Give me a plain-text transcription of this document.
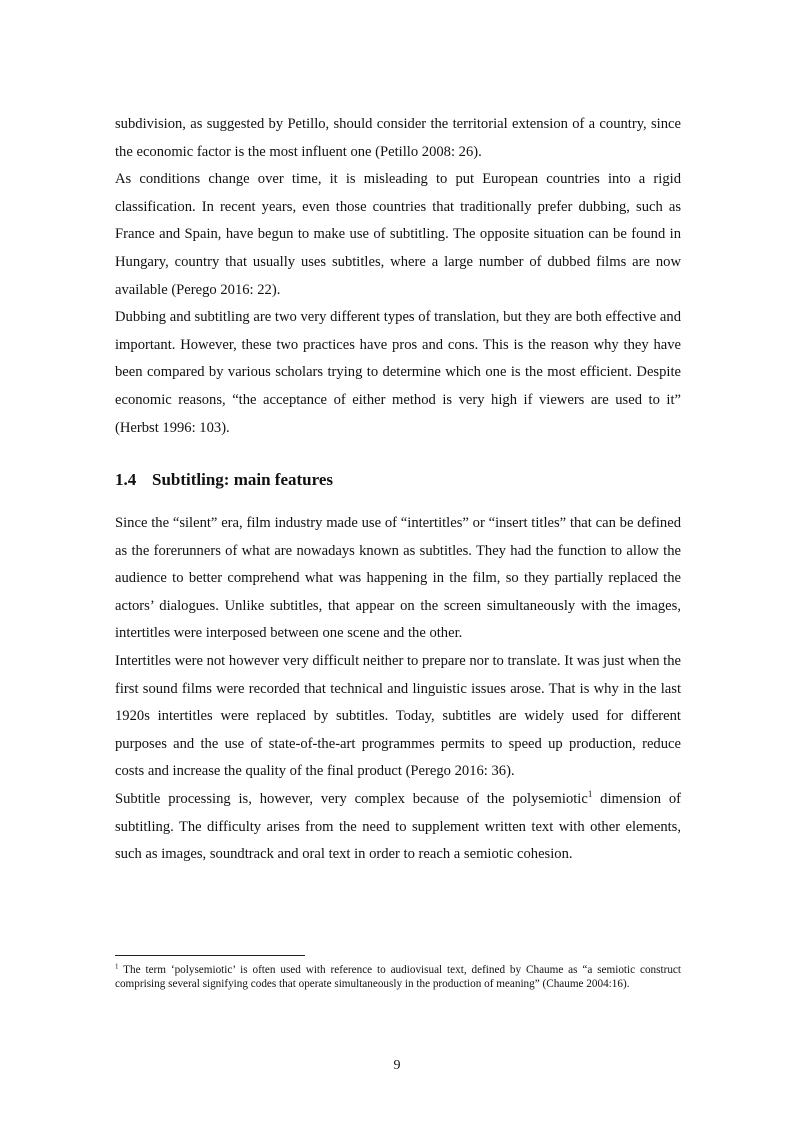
subdivision, as suggested by Petillo, should consider the territorial extension of a country, since the economic factor is the most influent one (Petillo 2008: 26).

As conditions change over time, it is misleading to put European countries into a rigid classification. In recent years, even those countries that traditionally prefer dubbing, such as France and Spain, have begun to make use of subtitling. The opposite situation can be found in Hungary, country that usually uses subtitles, where a large number of dubbed films are now available (Perego 2016: 22).

Dubbing and subtitling are two very different types of translation, but they are both effective and important. However, these two practices have pros and cons. This is the reason why they have been compared by various scholars trying to determine which one is the most efficient. Despite economic reasons, “the acceptance of either method is very high if viewers are used to it” (Herbst 1996: 103).

1.4 Subtitling: main features

Since the “silent” era, film industry made use of “intertitles” or “insert titles” that can be defined as the forerunners of what are nowadays known as subtitles. They had the function to allow the audience to better comprehend what was happening in the film, so they partially replaced the actors’ dialogues. Unlike subtitles, that appear on the screen simultaneously with the images, intertitles were interposed between one scene and the other.

Intertitles were not however very difficult neither to prepare nor to translate. It was just when the first sound films were recorded that technical and linguistic issues arose. That is why in the last 1920s intertitles were replaced by subtitles. Today, subtitles are widely used for different purposes and the use of state-of-the-art programmes permits to speed up production, reduce costs and increase the quality of the final product (Perego 2016: 36).

Subtitle processing is, however, very complex because of the polysemiotic$^1$ dimension of subtitling. The difficulty arises from the need to supplement written text with other elements, such as images, soundtrack and oral text in order to reach a semiotic cohesion.

$^1$ The term ‘polysemiotic’ is often used with reference to audiovisual text, defined by Chaume as “a semiotic construct comprising several signifying codes that operate simultaneously in the production of meaning” (Chaume 2004:16).
9
